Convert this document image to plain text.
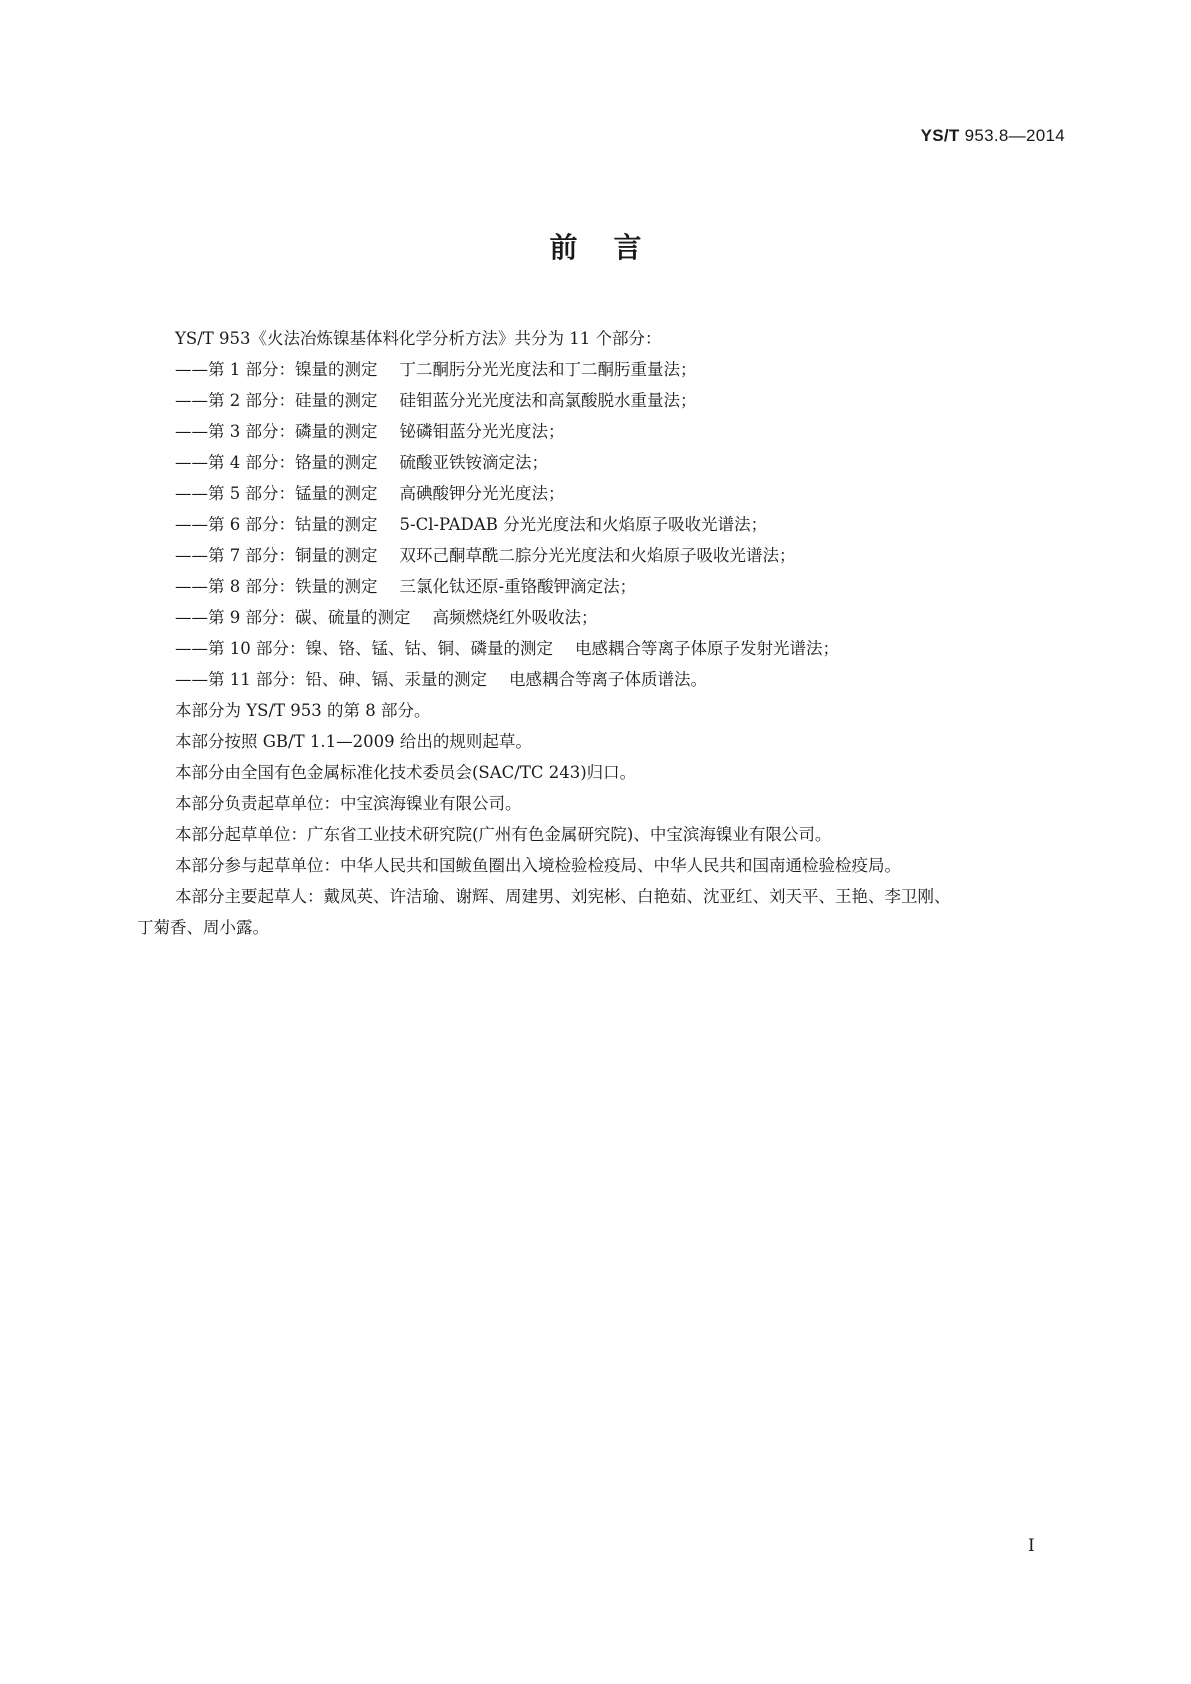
YS/T 953.8—2014
前言
YS/T 953《火法冶炼镍基体料化学分析方法》共分为 11 个部分：
——第 1 部分：镍量的测定 丁二酮肟分光光度法和丁二酮肟重量法；
——第 2 部分：硅量的测定 硅钼蓝分光光度法和高氯酸脱水重量法；
——第 3 部分：磷量的测定 铋磷钼蓝分光光度法；
——第 4 部分：铬量的测定 硫酸亚铁铵滴定法；
——第 5 部分：锰量的测定 高碘酸钾分光光度法；
——第 6 部分：钴量的测定 5-Cl-PADAB 分光光度法和火焰原子吸收光谱法；
——第 7 部分：铜量的测定 双环己酮草酰二腙分光光度法和火焰原子吸收光谱法；
——第 8 部分：铁量的测定 三氯化钛还原-重铬酸钾滴定法；
——第 9 部分：碳、硫量的测定 高频燃烧红外吸收法；
——第 10 部分：镍、铬、锰、钴、铜、磷量的测定 电感耦合等离子体原子发射光谱法；
——第 11 部分：铅、砷、镉、汞量的测定 电感耦合等离子体质谱法。
本部分为 YS/T 953 的第 8 部分。
本部分按照 GB/T 1.1—2009 给出的规则起草。
本部分由全国有色金属标准化技术委员会(SAC/TC 243)归口。
本部分负责起草单位：中宝滨海镍业有限公司。
本部分起草单位：广东省工业技术研究院(广州有色金属研究院)、中宝滨海镍业有限公司。
本部分参与起草单位：中华人民共和国鲅鱼圈出入境检验检疫局、中华人民共和国南通检验检疫局。
本部分主要起草人：戴凤英、许洁瑜、谢辉、周建男、刘宪彬、白艳茹、沈亚红、刘天平、王艳、李卫刚、
丁菊香、周小露。
I
